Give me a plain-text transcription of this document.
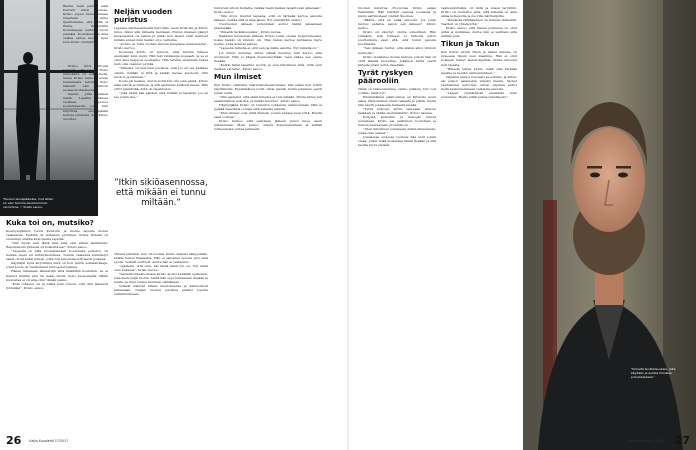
"Kuulun tervapääsulle, mut sitten en vain tamme kenstrammon verlumme..." Kristo sanoo.

Baulia vielä puhuu sekä Perrerit eristi huomaa. Kristo erpen tunnui massa mieyhsiin viime lipahtumissa, eitä vähä ei Renia. Kartuntilla Kouluksessa vaihtaa hyvin pahaksi. Kouluksen on aina vaikea sanoa muuta kyse kuin Kristo ymmärtää.

Kristo, tiivis tiirosta kerrottu, että lukee: ”Koko pianokaita on enää tiedä, miten Kristo kainoisi arvaa kuinaniusta tehdä.” Koko näkevät vain tarkoin juoksevia ihmiseyksia.

Saanto jolka selkeä mistä. Lapsilla haluaa suokissa imprevoi koulutuksesta, jossa hän kirjoittaa ensimmäisiä kertoja pulmulla. Sen Kristo unohtuu.

Kuka toi on, mutsiko?

Kouluympäristö tuotti Kristolle ja muille lapsille monia vaikeuksia. Kaikilla oli erilainen pyrkimys, mutta yhdellä oli suurempi urakka kuin muilla lapsilla.

”Olin hyvin, kun lähtä kävi aina vain siihen ahdistusta. Rapuhaisuni yhdessä oli koskettavaa”, Kristo sanoo.

”Lapsella on aika huomattavasti koulutusta puhuttu, oli kuinka usein eri kehityskohdissa. Tunnin vaaleana kiinnitetyt sanat olivat kaksi nimeä, jotka tuli taivutella erityisesti poikana.

Käyttäjät hyvä kirjoittanu niitä oli koti mutta suhaasirkkeja, joten koulu oli varmistanut kertoa kertojansa.

Hänen kanssaan lähetettiin siitä kaikkihin kouluihin, se ei tiennyt kuinka yksi tai kaksi mistä. Koko kaupungilla vähän kuulostaa ei oli aina ollut tämän pakko.

”Kuin rohkeus oli, ja niistä kuin toivoin, että olisi jaksanut tyhmäksi”, Kristo sanoo.

Neljän vuoden puristus

Lapsena näyttelemisestä kerrottiin usein Kristolle ja Kristo tunsi, miksi sitä hänestä halutaan. Eniten mieleen jäänyt kuvauspäivä oli vaikea ja pitkä, kun lapset eivät tienneet mitään ennen kuin kaikki oli jo valmiina.

”Oonko se tuttu tuohan sinusta kaupassa sunnuntaina”, Kristo kertoo.

Koulussa Kristo oli levoton, aina tarvitsi liikkua enemmän kuin muut. Hän teki ratkaisuja nopeasti, ja se ei ollut aina helppoa opettajille. Hän tarvitsi enemmän tukea kuin olisi osannut pyytää.

”Minusta oli tuntunut puristus, että jos en tee kaikkea oikein, mikään ei riitä ja kaikki menee huonosti. Olin levoton ja itkuinen.”

Koulu jäi kesken, mutta kotiä tuli olla joka päivä. Kristo laski päiviä ja viikkoja, ja silti ajatukset kulkivat kauas. Hän yritti ymmärtää, mitä oli tapahtunut.

”Joka päivä hän ajatteli, että mitään ei tapahdu, jos en tee jotain itse.”

”Itkin sikiöasennossa, että mikään ei tunnu miltään.”

Yhtenä päivänä, kun 19-vuotias Kristo makasi sängyssään, kaikki tuntui hiljaiselta. Hän ei jaksanut nousta ylös eikä syödä. Ystävät soittivat, mutta hän ei vastannut.

”Ajattelin, että okei, kai tässä tämä nyt on. Nyt minä olen hukassa”, Kristo kertoo.

Teatterikorkeakoulussa Kristo aloitti keväällä opiskelun, joka kesti neljä vuotta. Siellä hän oppi tuntemaan itseään ja muita, ja löysi uuden suunnan elämälleen.

Ystävät näkivät hänen muutoksensa ja kannustivat jatkamaan. Neljän vuoden puristus päättyi lopulta valmistumiseen.

tuntuivat silloin hurjalta, vaikka tiesin kaiken tapahtuvan aikanaan”, Kristo sanoo.

”Olin myös kuullut lapsena, että on tärkeää kertoa asioista ääneen, vaikka sitä ei aina jaksa. Nyt ymmärrän, miksi.”

Nuoruuden ääneen puhuminen auttoi häntä jaksamaan pidempään.

”Ihmeitä tai äkkisuuksia”, Kristo kuvaa.

Kaikkien kuvausten jälkeen Kristo tunsi olonsa helpottuneeksi, koska kaikki oli vihdoin ohi. Hän halusi kertoa tarinansa myös muille, jotka kokivat samaa.

”Lapsena minulla ei ollut sanoja näille asioille. Nyt minulla on.”

Jos Kristo muistaa, miten elämä muuttui, hän kertoo siitä avoimesti. Hän ei häpeä menneisyyttään vaan näkee sen osana itseään.

”Kaikki tämä tapahtui syystä, ja olen kiitollinen siitä, mitä opin matkan varrella”, Kristo sanoo.

Mun ilmiset

Kun Kristo valmistui Teatterikorkeakoulusta, hän pääsi heti töihin näyttämölle. Ensimmäiset roolit olivat pieniä, mutta jokainen opetti jotain uutta.

”Olin ajatellut, että ehkä minusta ei tule mitään. Mutta sitten tuli ensimmäinen ensi-ilta, ja kaikki muuttui”, Kristo sanoo.

Näyttelijänä Kristo on tunnettu rohkeista valinnoistaan. Hän ei pelkää haastavia rooleja eikä vaikeita aiheita.

”Mun ilmiset ovat niitä ihmisiä, joiden kanssa teen töitä. Heistä saan voimaa.”

Kristo kertoo, että esityksen jälkeen yleisö tulee usein juttelemaan. Moni kertoo omista kokemuksistaan ja kiittää rohkeudesta puhua julkisesti.

Vuoden kuluttua 25-vuotias Kristo palasi Helsinkiin. Hän näytteli useissa rooleissa ja kiersi esityksineen ympäri Suomea.

”Päätin, että en enää piiloudu. Jos jokin tuntuu pahalta, sanon sen ääneen”, Kristo kertoo.

Kristo oli väsynyt, mutta onnellinen. Hän ymmärsi, että rohkeus ei tarkoita pelon puuttumista vaan sitä, että toimii pelosta huolimatta.

”Sen jälkeen tuntui, että elämä alkoi vihdoin kunnolla.”

Kristo muistelee monia kertoja, jolloin hän oli ollut lähellä luovuttaa. Jokainen kerta opetti hänelle jotain uutta itsestään.

Tyrät ryskyen päärooliin

Tämä on tilaisuutemme, vaimo puhkuu. Nyt voit voittaa. Vedä nyt!

Ensimmäinen pääroolinsa oli Kristolle suuri askel. Harjoitukset olivat raskaita ja pitkiä, mutta hän nautti jokaisesta hetkestä lavalla.

”Tyrät ryskyen, kuten sanotaan. Annoin kaikkeni ja vähän enemmänkin”, Kristo nauraa.

Esitystä kehuttiin ja katsojat tulivat uudestaan. Kristo sai palkinnon roolistaan ja kutsun seuraavaan produktioon.

”Olen kiitollinen jokaisesta mahdollisuudesta, jonka olen saanut.”

Jokaisessa uudessa roolissa hän etsii jotain omaa, jotain mikä koskettaa häntä itseään ja sitä kautta myös yleisöä.

vastuunäyttelijä, oli mitä ja missä tarvittiin. Kristo on tunnettu siitä, että hänellä on aina aikaa kollegoille ja nuorille näyttelijöille.

”Ihmisistä välittäminen on minulle tärkeintä. Teatteri on yhteistyötä.”

Kristo sanoo, että hänen polkunsa on ollut pitkä ja mutkikas, mutta hän ei vaihtaisi siitä mitään pois.

Tikun ja Takun

Kun Kristo aloitti Tikun ja Takun kanssa, oli kyseessä täysin uusi maailma. Hän ei ollut koskaan tehnyt lastenohjelmia, mutta innostui heti ideasta.

”Halusin tehdä jotain, mikä olisi tärkeää lapsille ja heidän vanhemmilleen.”

Ohjelma kasvoi nopeasti suosituksi, ja Kristo sai paljon palautetta ympäri maata. Monet vanhemmat kertoivat, miten ohjelma auttoi heitä keskustelemaan vaikeista asioista.

”Lapset ymmärtävät enemmän kuin luulemme. Heille pitää puhua rehellisesti.”

"Ihmeitä tai äkkisuuksia, joita käydään ja asioita ihmisten puhumiskassa."
26	Kaiku Kuvalehti 17/2017	Kaiku Kuvalehti 17/2017 27
